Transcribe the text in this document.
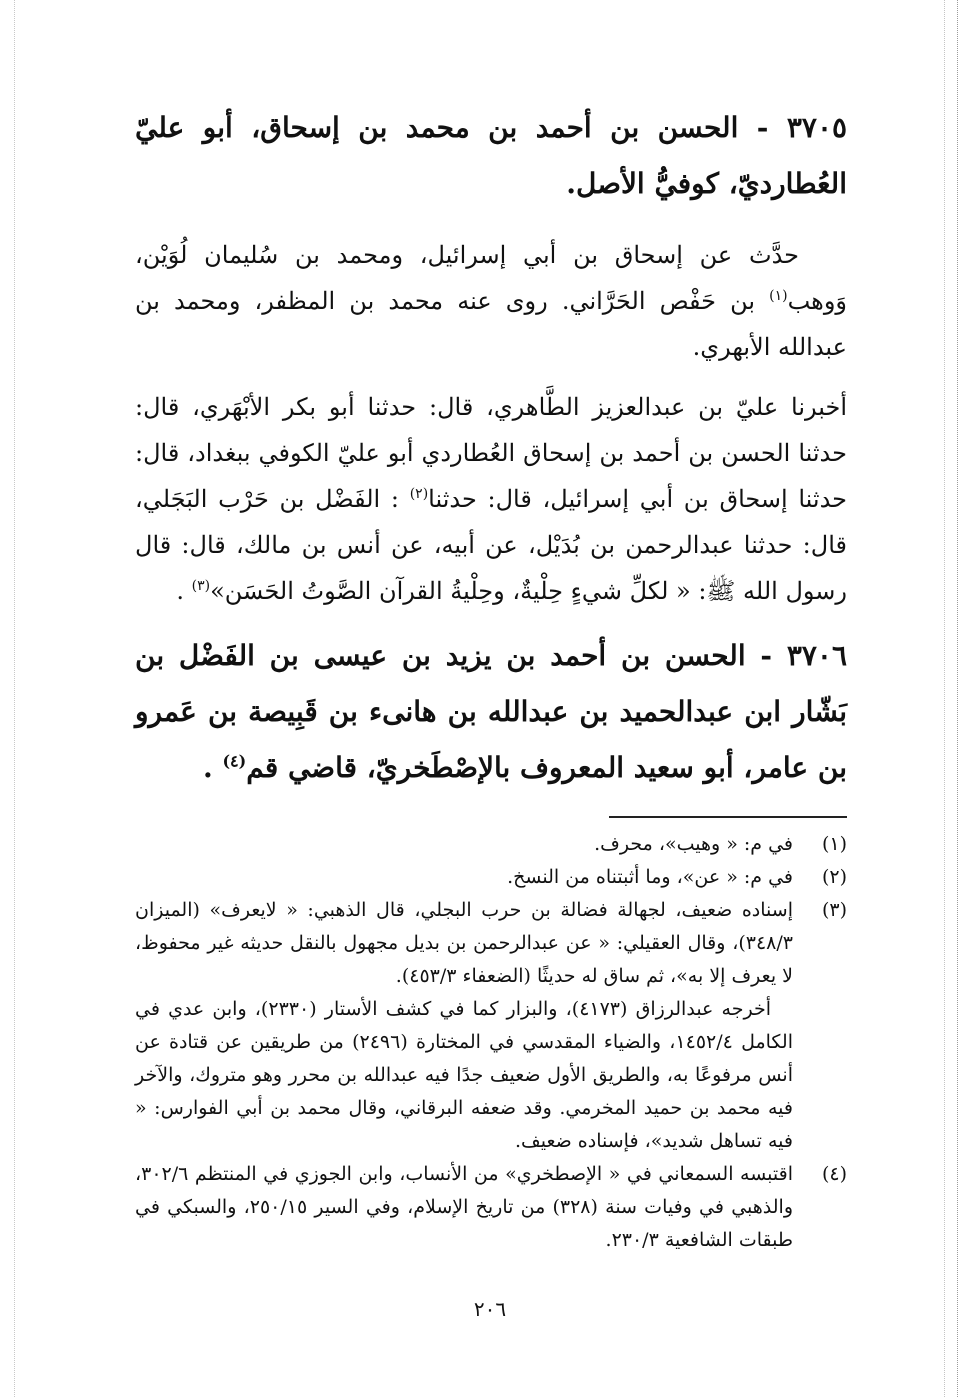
٣٧٠٥ - الحسن بن أحمد بن محمد بن إسحاق، أبو عليّ العُطارديّ، كوفيُّ الأصل.

حدَّث عن إسحاق بن أبي إسرائيل، ومحمد بن سُليمان لُوَيْن، وَوهب$^{(١)}$ بن حَفْص الحَرَّاني. روى عنه محمد بن المظفر، ومحمد بن عبدالله الأبهري.

أخبرنا عليّ بن عبدالعزيز الطَّاهري، قال: حدثنا أبو بكر الأبْهَري، قال: حدثنا الحسن بن أحمد بن إسحاق العُطاردي أبو عليّ الكوفي ببغداد، قال: حدثنا إسحاق بن أبي إسرائيل، قال: حدثنا$^{(٢)}$ : الفَضْل بن حَرْب البَجَلي، قال: حدثنا عبدالرحمن بن بُدَيْل، عن أبيه، عن أنس بن مالك، قال: قال رسول الله ﷺ: « لكلِّ شيءٍ حِلْيةٌ، وحِلْيةُ القرآن الصَّوتُ الحَسَن»$^{(٣)}$ .

٣٧٠٦ - الحسن بن أحمد بن يزيد بن عيسى بن الفَضْل بن بَشّار ابن عبدالحميد بن عبدالله بن هانىء بن قَبِيصة بن عَمرو بن عامر، أبو سعيد المعروف بالإصْطَخريّ، قاضي قم$^{(٤)}$ .
(١)

في م: « وهيب»، محرف.

(٢)

في م: « عن»، وما أثبتناه من النسخ.

(٣)

إسناده ضعيف، لجهالة فضالة بن حرب البجلي، قال الذهبي: « لايعرف» (الميزان ٣٤٨/٣)، وقال العقيلي: « عن عبدالرحمن بن بديل مجهول بالنقل حديثه غير محفوظ، لا يعرف إلا به»، ثم ساق له حديثًا (الضعفاء ٤٥٣/٣).

أخرجه عبدالرزاق (٤١٧٣)، والبزار كما في كشف الأستار (٢٣٣٠)، وابن عدي في الكامل ١٤٥٢/٤، والضياء المقدسي في المختارة (٢٤٩٦) من طريقين عن قتادة عن أنس مرفوعًا به، والطريق الأول ضعيف جدًا فيه عبدالله بن محرر وهو متروك، والآخر فيه محمد بن حميد المخرمي. وقد ضعفه البرقاني، وقال محمد بن أبي الفوارس: « فيه تساهل شديد»، فإسناده ضعيف.

(٤)

اقتبسه السمعاني في « الإصطخري» من الأنساب، وابن الجوزي في المنتظم ٣٠٢/٦، والذهبي في وفيات سنة (٣٢٨) من تاريخ الإسلام، وفي السير ٢٥٠/١٥، والسبكي في طبقات الشافعية ٢٣٠/٣.

٢٠٦
